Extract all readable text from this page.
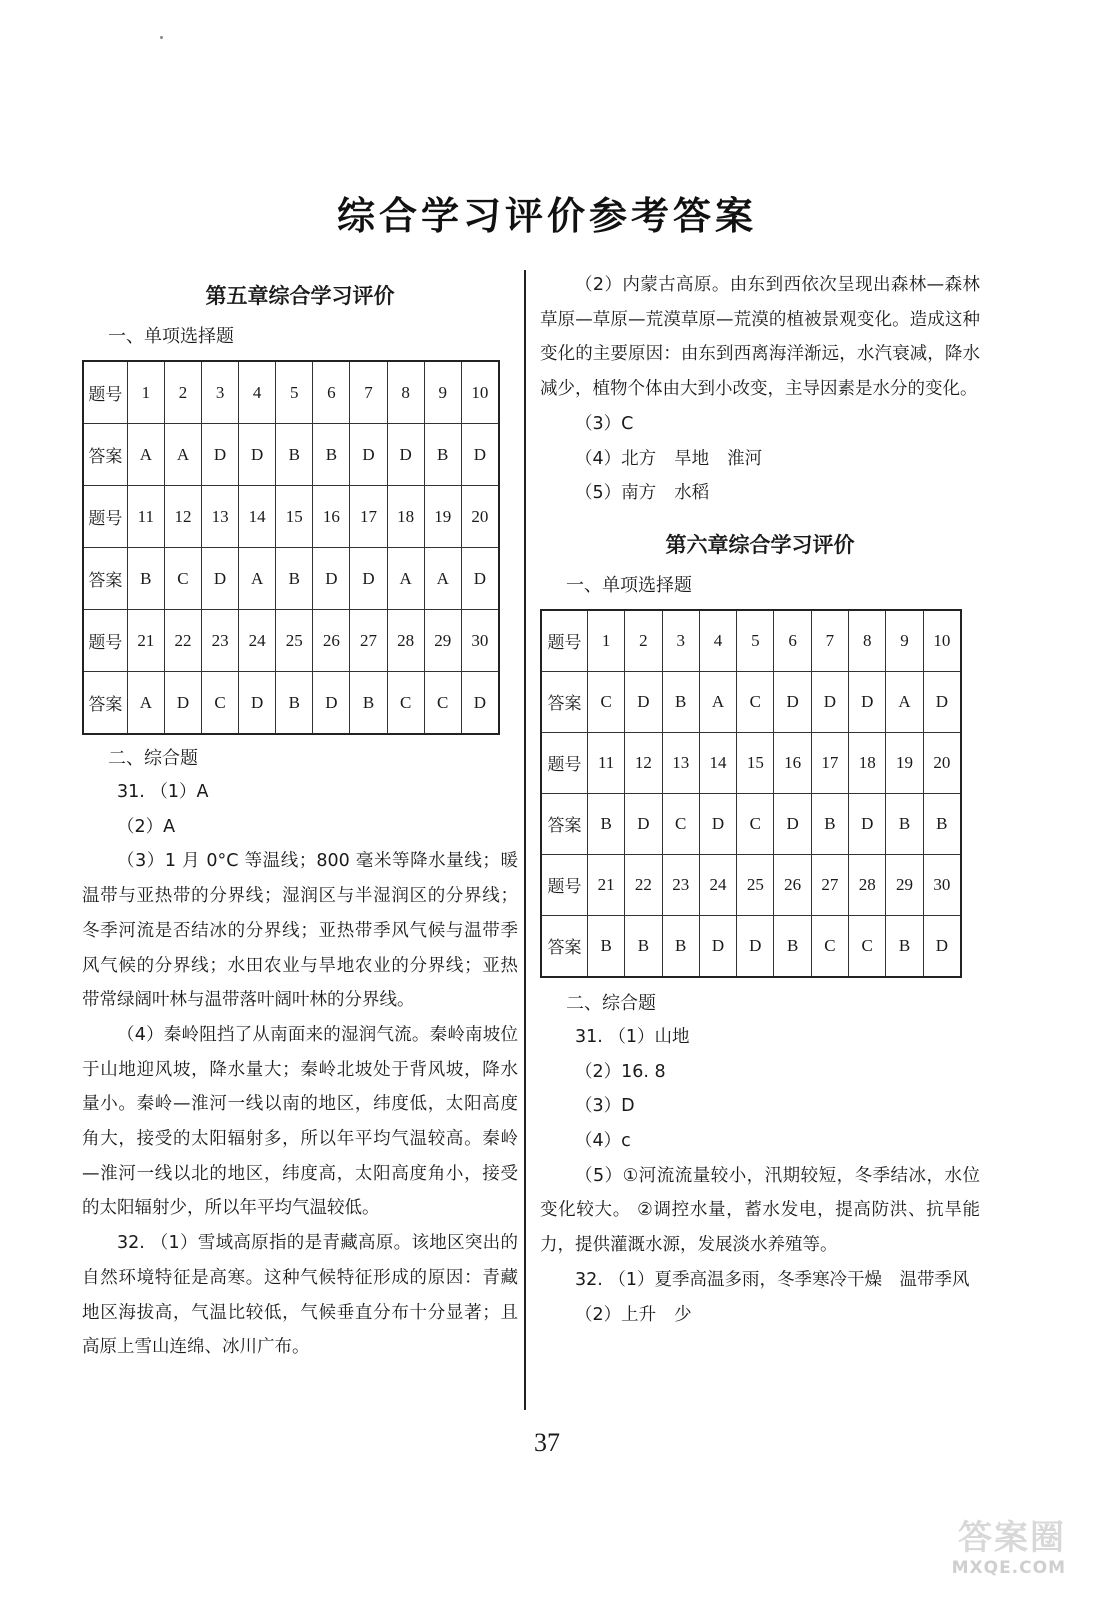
综合学习评价参考答案
第五章综合学习评价

一、单项选择题

题号	1	2	3	4	5	6	7	8	9	10
答案	A	A	D	D	B	B	D	D	B	D
题号	11	12	13	14	15	16	17	18	19	20
答案	B	C	D	A	B	D	D	A	A	D
题号	21	22	23	24	25	26	27	28	29	30
答案	A	D	C	D	B	D	B	C	C	D

二、综合题

31. （1）A

（2）A

（3）1 月 0°C 等温线；800 毫米等降水量线；暖温带与亚热带的分界线；湿润区与半湿润区的分界线；冬季河流是否结冰的分界线；亚热带季风气候与温带季风气候的分界线；水田农业与旱地农业的分界线；亚热带常绿阔叶林与温带落叶阔叶林的分界线。

（4）秦岭阻挡了从南面来的湿润气流。秦岭南坡位于山地迎风坡，降水量大；秦岭北坡处于背风坡，降水量小。秦岭—淮河一线以南的地区，纬度低，太阳高度角大，接受的太阳辐射多，所以年平均气温较高。秦岭—淮河一线以北的地区，纬度高，太阳高度角小，接受的太阳辐射少，所以年平均气温较低。

32. （1）雪域高原指的是青藏高原。该地区突出的自然环境特征是高寒。这种气候特征形成的原因：青藏地区海拔高，气温比较低，气候垂直分布十分显著；且高原上雪山连绵、冰川广布。

（2）内蒙古高原。由东到西依次呈现出森林—森林草原—草原—荒漠草原—荒漠的植被景观变化。造成这种变化的主要原因：由东到西离海洋渐远，水汽衰减，降水减少，植物个体由大到小改变，主导因素是水分的变化。

（3）C

（4）北方 旱地 淮河

（5）南方 水稻

第六章综合学习评价

一、单项选择题

题号	1	2	3	4	5	6	7	8	9	10
答案	C	D	B	A	C	D	D	D	A	D
题号	11	12	13	14	15	16	17	18	19	20
答案	B	D	C	D	C	D	B	D	B	B
题号	21	22	23	24	25	26	27	28	29	30
答案	B	B	B	D	D	B	C	C	B	D

二、综合题

31. （1）山地

（2）16. 8

（3）D

（4）c

（5）①河流流量较小，汛期较短，冬季结冰，水位变化较大。 ②调控水量，蓄水发电，提高防洪、抗旱能力，提供灌溉水源，发展淡水养殖等。

32. （1）夏季高温多雨，冬季寒冷干燥　温带季风

（2）上升 少

37
答案圈
MXQE.COM
